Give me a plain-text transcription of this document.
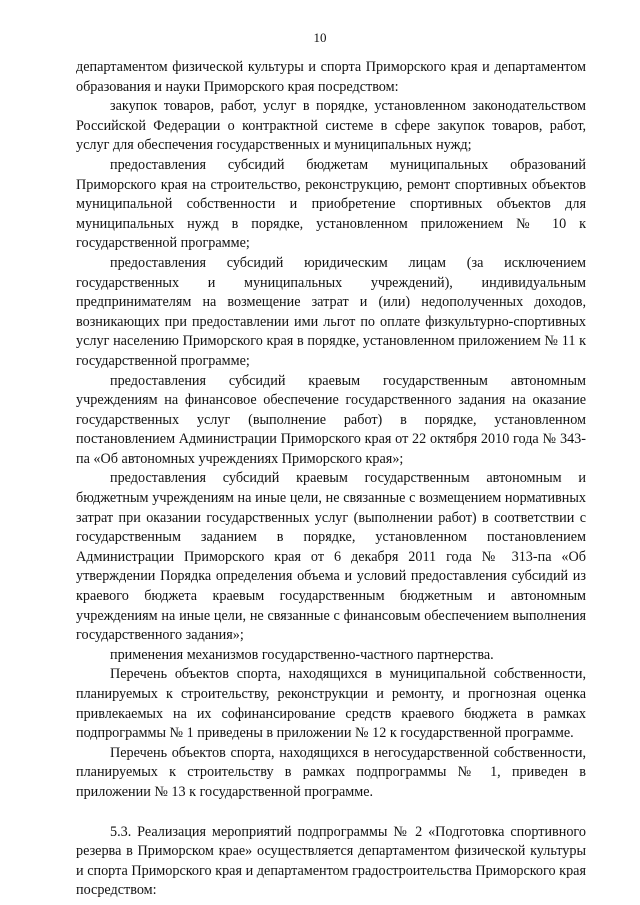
10

департаментом физической культуры и спорта Приморского края и департаментом образования и науки Приморского края посредством:

закупок товаров, работ, услуг в порядке, установленном законодательством Российской Федерации о контрактной системе в сфере закупок товаров, работ, услуг для обеспечения государственных и муниципальных нужд;

предоставления субсидий бюджетам муниципальных образований Приморского края на строительство, реконструкцию, ремонт спортивных объектов муниципальной собственности и приобретение спортивных объектов для муниципальных нужд в порядке, установленном приложением № 10 к государственной программе;

предоставления субсидий юридическим лицам (за исключением государственных и муниципальных учреждений), индивидуальным предпринимателям на возмещение затрат и (или) недополученных доходов, возникающих при предоставлении ими льгот по оплате физкультурно-спортивных услуг населению Приморского края в порядке, установленном приложением № 11 к государственной программе;

предоставления субсидий краевым государственным автономным учреждениям на финансовое обеспечение государственного задания на оказание государственных услуг (выполнение работ) в порядке, установленном постановлением Администрации Приморского края от 22 октября 2010 года № 343-па «Об автономных учреждениях Приморского края»;

предоставления субсидий краевым государственным автономным и бюджетным учреждениям на иные цели, не связанные с возмещением нормативных затрат при оказании государственных услуг (выполнении работ) в соответствии с государственным заданием в порядке, установленном постановлением Администрации Приморского края от 6 декабря 2011 года № 313-па «Об утверждении Порядка определения объема и условий предоставления субсидий из краевого бюджета краевым государственным бюджетным и автономным учреждениям на иные цели, не связанные с финансовым обеспечением выполнения государственного задания»;

применения механизмов государственно-частного партнерства.

Перечень объектов спорта, находящихся в муниципальной собственности, планируемых к строительству, реконструкции и ремонту, и прогнозная оценка привлекаемых на их софинансирование средств краевого бюджета в рамках подпрограммы № 1 приведены в приложении № 12 к государственной программе.

Перечень объектов спорта, находящихся в негосударственной собственности, планируемых к строительству в рамках подпрограммы № 1, приведен в приложении № 13 к государственной программе.

5.3. Реализация мероприятий подпрограммы № 2 «Подготовка спортивного резерва в Приморском крае» осуществляется департаментом физической культуры и спорта Приморского края и департаментом градостроительства Приморского края посредством:
